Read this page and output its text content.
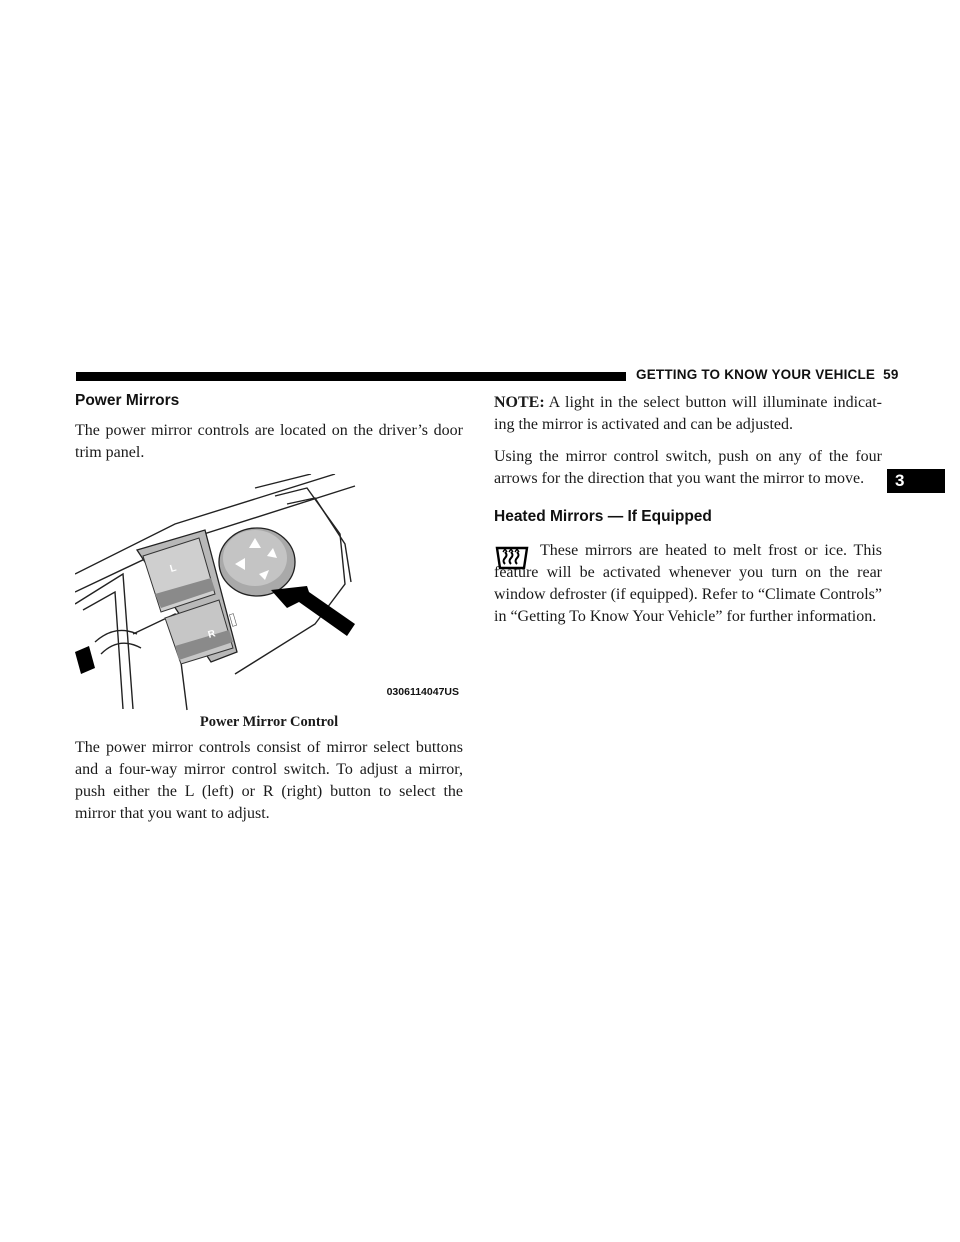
GETTING TO KNOW YOUR VEHICLE 59
3
Power Mirrors

The power mirror controls are located on the driver’s door trim panel.

L
R
0306114047US
Power Mirror Control

The power mirror controls consist of mirror select buttons and a four-way mirror control switch. To adjust a mirror, push either the L (left) or R (right) button to select the mirror that you want to adjust.

NOTE: A light in the select button will illuminate indicating the mirror is activated and can be adjusted.

Using the mirror control switch, push on any of the four arrows for the direction that you want the mirror to move.

Heated Mirrors — If Equipped

These mirrors are heated to melt frost or ice. This feature will be activated whenever you turn on the rear window defroster (if equipped). Refer to “Climate Controls” in “Getting To Know Your Vehicle” for further information.
